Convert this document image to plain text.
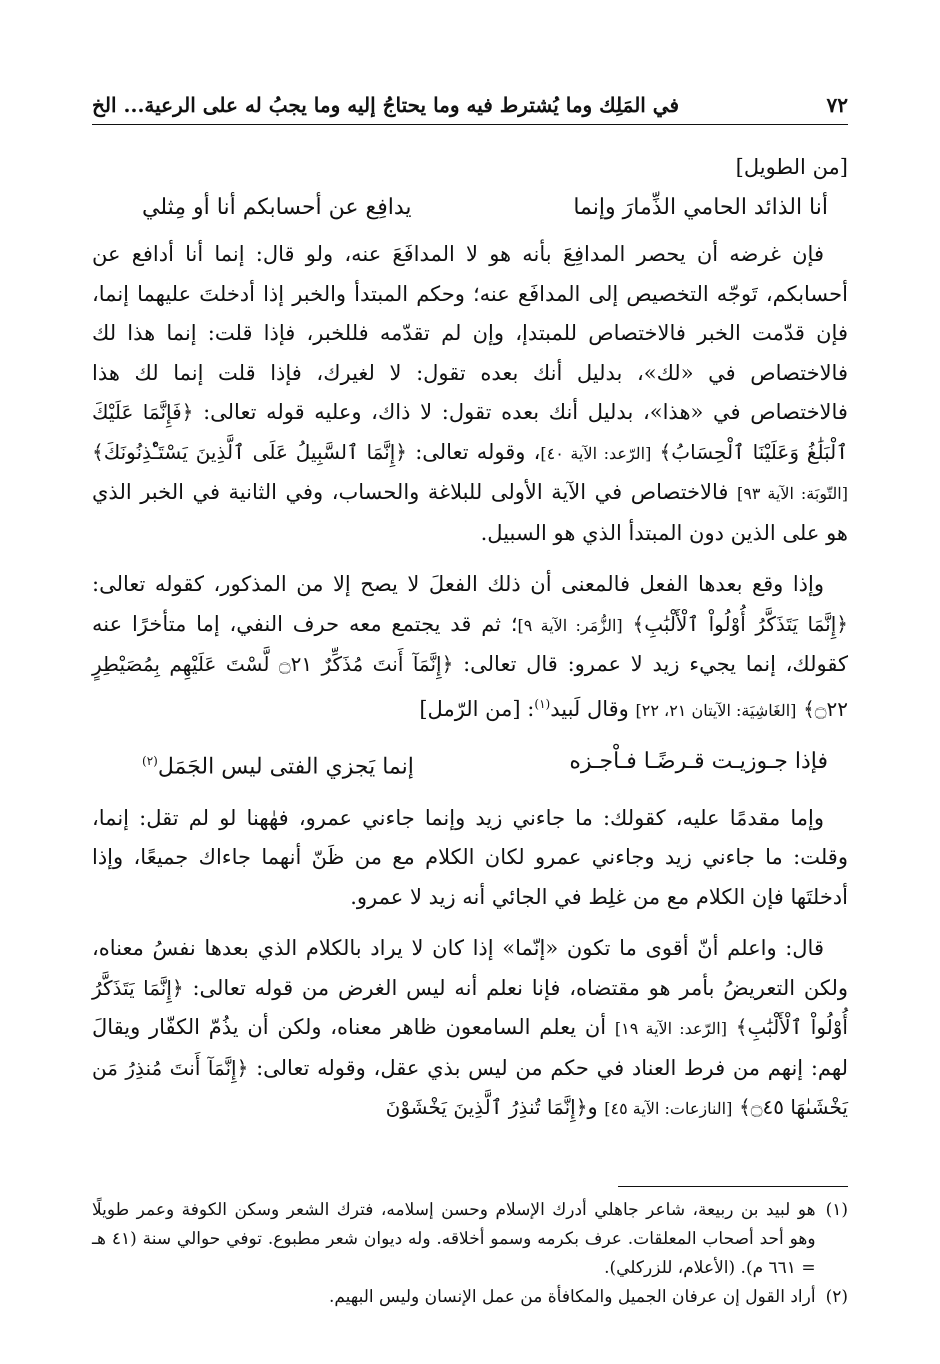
٧٢
في المَلِك وما يُشترط فيه وما يحتاجُ إليه وما يجبُ له على الرعية... الخ
[من الطويل]
أنا الذائد الحامي الذِّمارَ وإنما
يدافِع عن أحسابكم أنا أو مِثلي

فإن غرضه أن يحصر المدافِعَ بأنه هو لا المدافَعَ عنه، ولو قال: إنما أنا أدافع عن أحسابكم، تَوجّه التخصيص إلى المدافَع عنه؛ وحكم المبتدأ والخبر إذا أدخلتَ عليهما إنما، فإن قدّمت الخبر فالاختصاص للمبتدإ، وإن لم تقدّمه فللخبر، فإذا قلت: إنما هذا لك فالاختصاص في «لك»، بدليل أنك بعده تقول: لا لغيرك، فإذا قلت إنما لك هذا فالاختصاص في «هذا»، بدليل أنك بعده تقول: لا ذاك، وعليه قوله تعالى: ﴿فَإِنَّمَا عَلَيْكَ ٱلْبَلَٰغُ وَعَلَيْنَا ٱلْحِسَابُ﴾ [الرّعد: الآية ٤٠]، وقوله تعالى: ﴿إِنَّمَا ٱلسَّبِيلُ عَلَى ٱلَّذِينَ يَسْتَـْٔذِنُونَكَ﴾ [التّوبَة: الآية ٩٣] فالاختصاص في الآية الأولى للبلاغة والحساب، وفي الثانية في الخبر الذي هو على الذين دون المبتدأ الذي هو السبيل.

وإذا وقع بعدها الفعل فالمعنى أن ذلك الفعلَ لا يصح إلا من المذكور، كقوله تعالى: ﴿إِنَّمَا يَتَذَكَّرُ أُوْلُواْ ٱلْأَلْبَٰبِ﴾ [الزُّمَر: الآية ٩]؛ ثم قد يجتمع معه حرف النفي، إما متأخرًا عنه كقولك، إنما يجيء زيد لا عمرو: قال تعالى: ﴿إِنَّمَآ أَنتَ مُذَكِّرٌ ۝٢١ لَّسْتَ عَلَيْهِم بِمُصَيْطِرٍ ۝٢٢﴾ [الغَاشِيَة: الآيتان ٢١، ٢٢] وقال لَبيد$^{(١)}$: [من الرّمل]

فإذا جـوزيـت قـرضًـا فـاْجـزه
إنما يَجزي الفتى ليس الجَمَل$^{(٢)}$

وإما مقدمًا عليه، كقولك: ما جاءني زيد وإنما جاءني عمرو، فهٰهنا لو لم تقل: إنما، وقلت: ما جاءني زيد وجاءني عمرو لكان الكلام مع من ظَنّ أنهما جاءاك جميعًا، وإذا أدخلتَها فإن الكلام مع من غلِط في الجائي أنه زيد لا عمرو.

قال: واعلم أنّ أقوى ما تكون «إنّما» إذا كان لا يراد بالكلام الذي بعدها نفسُ معناه، ولكن التعريضُ بأمر هو مقتضاه، فإنا نعلم أنه ليس الغرض من قوله تعالى: ﴿إِنَّمَا يَتَذَكَّرُ أُوْلُواْ ٱلْأَلْبَٰبِ﴾ [الرّعد: الآية ١٩] أن يعلم السامعون ظاهر معناه، ولكن أن يذُمّ الكفّار ويقالَ لهم: إنهم من فرط العناد في حكم من ليس بذي عقل، وقوله تعالى: ﴿إِنَّمَآ أَنتَ مُنذِرُ مَن يَخْشَىٰهَا ۝٤٥﴾ [النازعات: الآية ٤٥] و﴿إِنَّمَا تُنذِرُ ٱلَّذِينَ يَخْشَوْنَ

(١)
هو لبيد بن ربيعة، شاعر جاهلي أدرك الإسلام وحسن إسلامه، فترك الشعر وسكن الكوفة وعمر طويلًا وهو أحد أصحاب المعلقات. عرف بكرمه وسمو أخلاقه. وله ديوان شعر مطبوع. توفي حوالي سنة (٤١ هـ = ٦٦١ م). (الأعلام، للزركلي).
(٢)
أراد القول إن عرفان الجميل والمكافأة من عمل الإنسان وليس البهيم.
